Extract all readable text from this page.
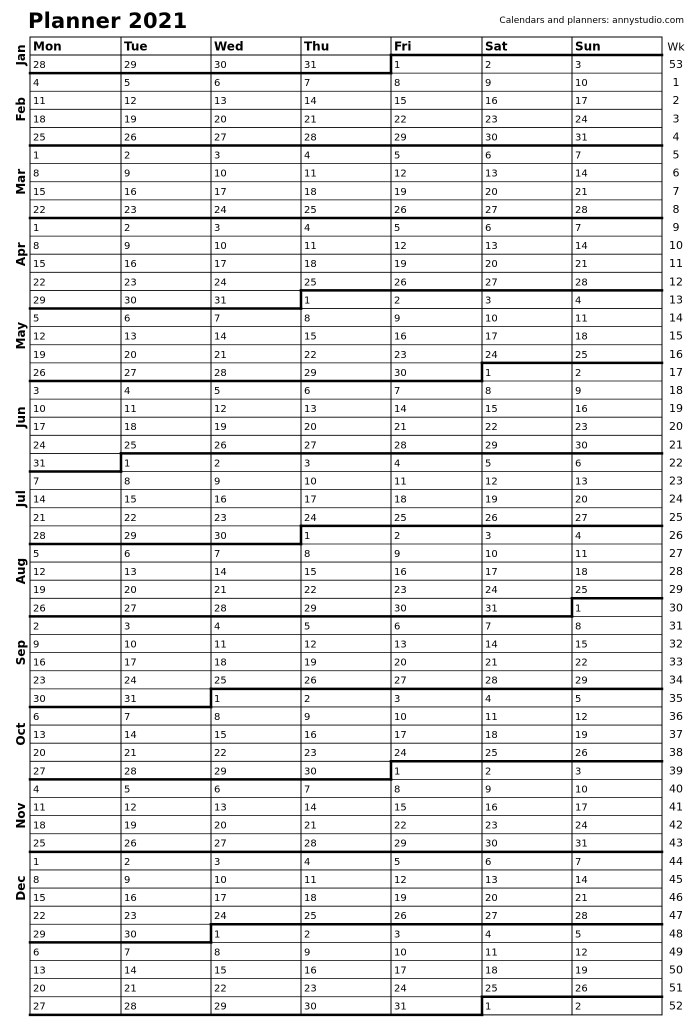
Planner 2021	Calendars and planners: annystudio.com
Mon	Tue	Wed	Thu	Fri	Sat	Sun	Wk
28	29	30	31	1	2	3	53
4	5	6	7	8	9	10	1
11	12	13	14	15	16	17	2
18	19	20	21	22	23	24	3
25	26	27	28	29	30	31	4
1	2	3	4	5	6	7	5
8	9	10	11	12	13	14	6
15	16	17	18	19	20	21	7
22	23	24	25	26	27	28	8
1	2	3	4	5	6	7	9
8	9	10	11	12	13	14	10
15	16	17	18	19	20	21	11
22	23	24	25	26	27	28	12
29	30	31	1	2	3	4	13
5	6	7	8	9	10	11	14
12	13	14	15	16	17	18	15
19	20	21	22	23	24	25	16
26	27	28	29	30	1	2	17
3	4	5	6	7	8	9	18
10	11	12	13	14	15	16	19
17	18	19	20	21	22	23	20
24	25	26	27	28	29	30	21
31	1	2	3	4	5	6	22
7	8	9	10	11	12	13	23
14	15	16	17	18	19	20	24
21	22	23	24	25	26	27	25
28	29	30	1	2	3	4	26
5	6	7	8	9	10	11	27
12	13	14	15	16	17	18	28
19	20	21	22	23	24	25	29
26	27	28	29	30	31	1	30
2	3	4	5	6	7	8	31
9	10	11	12	13	14	15	32
16	17	18	19	20	21	22	33
23	24	25	26	27	28	29	34
30	31	1	2	3	4	5	35
6	7	8	9	10	11	12	36
13	14	15	16	17	18	19	37
20	21	22	23	24	25	26	38
27	28	29	30	1	2	3	39
4	5	6	7	8	9	10	40
11	12	13	14	15	16	17	41
18	19	20	21	22	23	24	42
25	26	27	28	29	30	31	43
1	2	3	4	5	6	7	44
8	9	10	11	12	13	14	45
15	16	17	18	19	20	21	46
22	23	24	25	26	27	28	47
29	30	1	2	3	4	5	48
6	7	8	9	10	11	12	49
13	14	15	16	17	18	19	50
20	21	22	23	24	25	26	51
27	28	29	30	31	1	2	52
Jan
Feb
Mar
Apr
May
Jun
Jul
Aug
Sep
Oct
Nov
Dec
